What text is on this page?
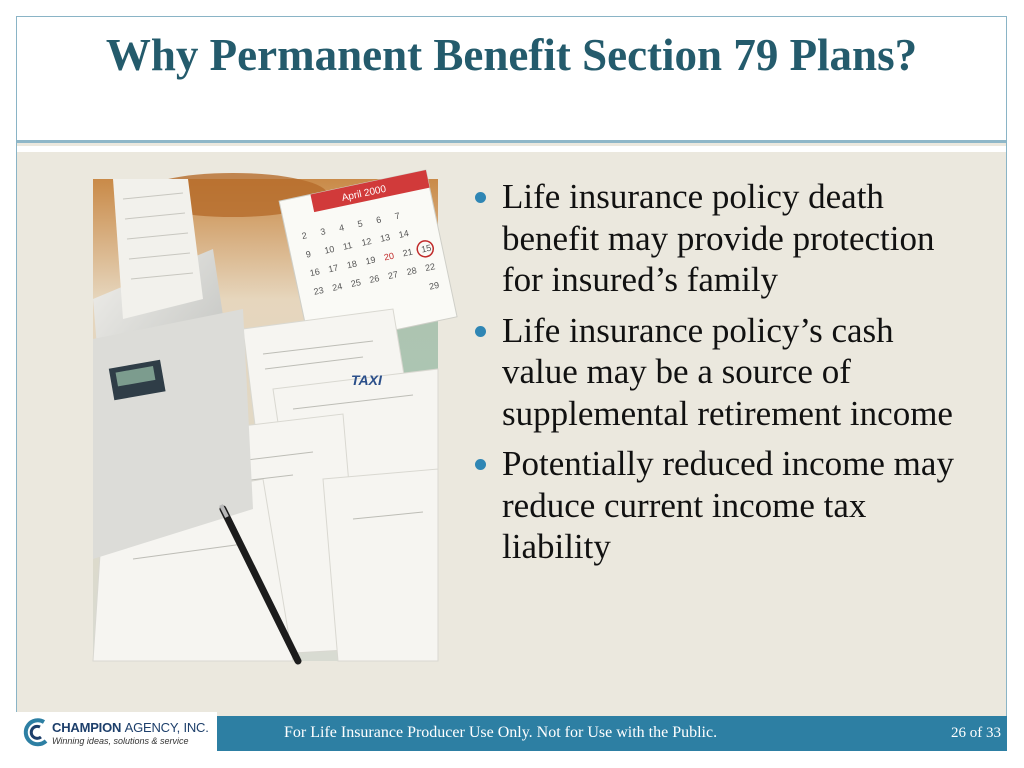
Why Permanent Benefit Section 79 Plans?
April 2000
2 3 4 5 6 7
9 10 11 12 13 14
16 17 18 19 20 21
23 24 25 26 27 28
15
22
29
TAXI
Life insurance policy death benefit may provide protection for insured’s family
Life insurance policy’s cash value may be a source of supplemental retirement income
Potentially reduced income may reduce current income tax liability
CHAMPION AGENCY, INC.
Winning ideas, solutions & service	For Life Insurance Producer Use Only. Not for Use with the Public.	26 of 33
